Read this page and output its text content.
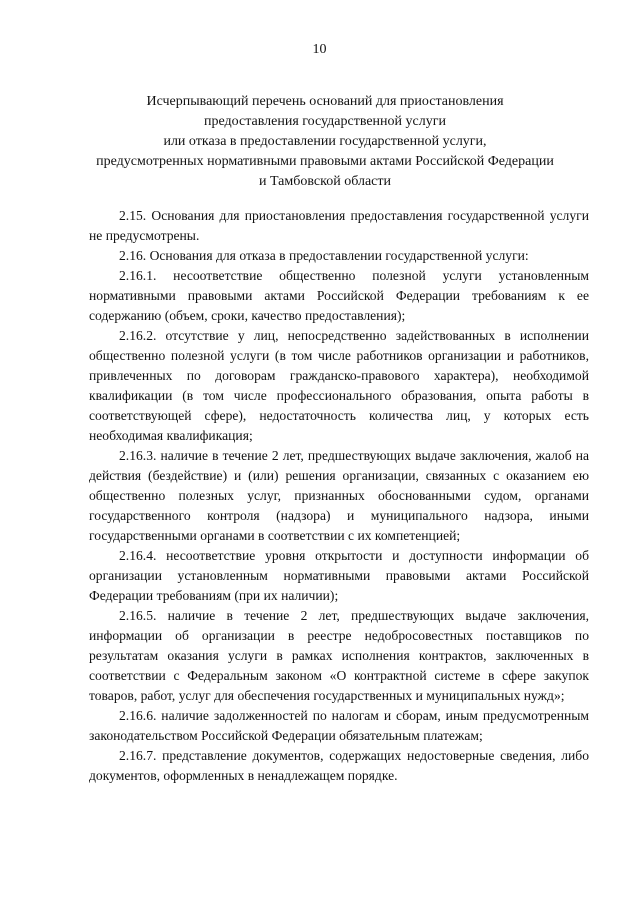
10
Исчерпывающий перечень оснований для приостановления
предоставления государственной услуги
или отказа в предоставлении государственной услуги,
предусмотренных нормативными правовыми актами Российской Федерации
и Тамбовской области

2.15. Основания для приостановления предоставления государственной услуги не предусмотрены.

2.16. Основания для отказа в предоставлении государственной услуги:

2.16.1. несоответствие общественно полезной услуги установленным нормативными правовыми актами Российской Федерации требованиям к ее содержанию (объем, сроки, качество предоставления);

2.16.2. отсутствие у лиц, непосредственно задействованных в исполнении общественно полезной услуги (в том числе работников организации и работников, привлеченных по договорам гражданско-правового характера), необходимой квалификации (в том числе профессионального образования, опыта работы в соответствующей сфере), недостаточность количества лиц, у которых есть необходимая квалификация;

2.16.3. наличие в течение 2 лет, предшествующих выдаче заключения, жалоб на действия (бездействие) и (или) решения организации, связанных с оказанием ею общественно полезных услуг, признанных обоснованными судом, органами государственного контроля (надзора) и муниципального надзора, иными государственными органами в соответствии с их компетенцией;

2.16.4. несоответствие уровня открытости и доступности информации об организации установленным нормативными правовыми актами Российской Федерации требованиям (при их наличии);

2.16.5. наличие в течение 2 лет, предшествующих выдаче заключения, информации об организации в реестре недобросовестных поставщиков по результатам оказания услуги в рамках исполнения контрактов, заключенных в соответствии с Федеральным законом «О контрактной системе в сфере закупок товаров, работ, услуг для обеспечения государственных и муниципальных нужд»;

2.16.6. наличие задолженностей по налогам и сборам, иным предусмотренным законодательством Российской Федерации обязательным платежам;

2.16.7. представление документов, содержащих недостоверные сведения, либо документов, оформленных в ненадлежащем порядке.
